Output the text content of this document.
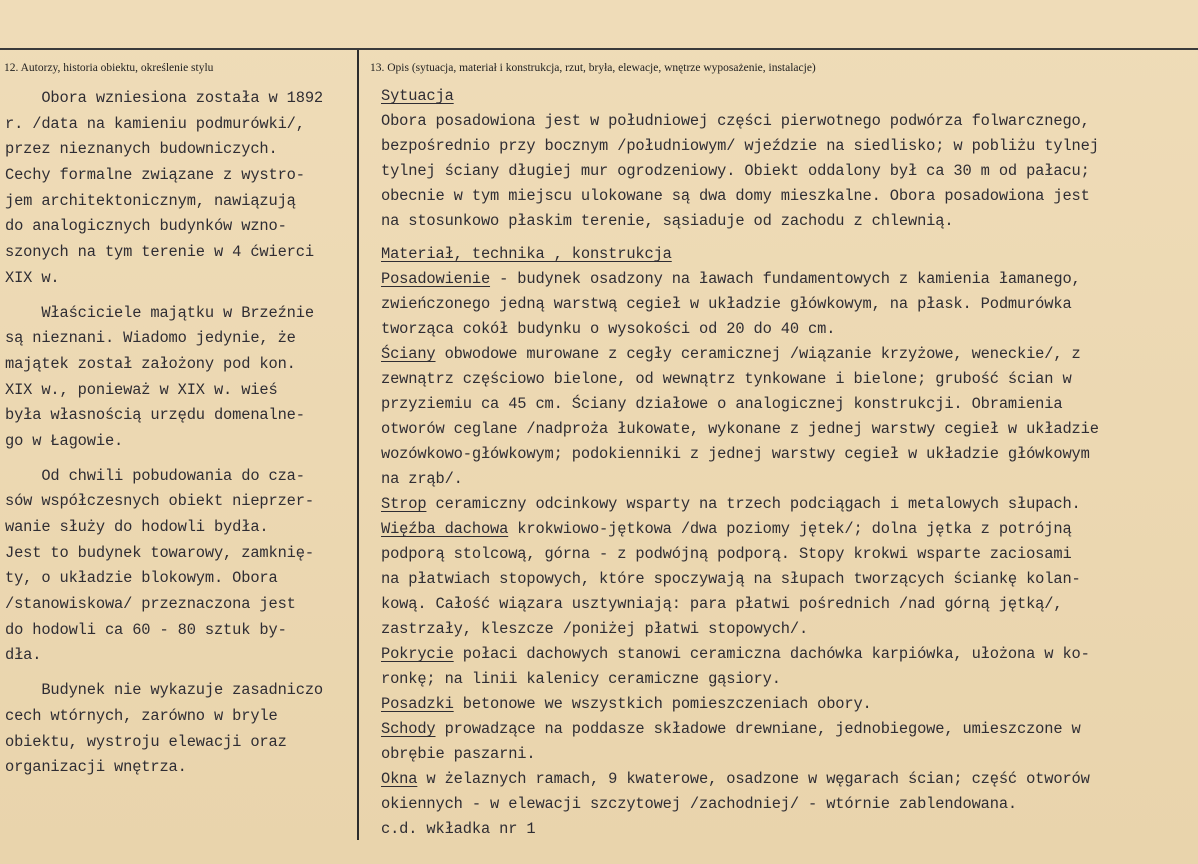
12. Autorzy, historia obiektu, określenie stylu	13. Opis (sytuacja, materiał i konstrukcja, rzut, bryła, elewacje, wnętrze wyposażenie, instalacje)
Obora wzniesiona została w 1892
r. /data na kamieniu podmurówki/,
przez nieznanych budowniczych.
Cechy formalne związane z wystro-
jem architektonicznym, nawiązują
do analogicznych budynków wzno-
szonych na tym terenie w 4 ćwierci
XIX w.
Właściciele majątku w Brzeźnie
są nieznani. Wiadomo jedynie, że
majątek został założony pod kon.
XIX w., ponieważ w XIX w. wieś
była własnością urzędu domenalne-
go w Łagowie.
Od chwili pobudowania do cza-
sów współczesnych obiekt nieprzer-
wanie służy do hodowli bydła.
Jest to budynek towarowy, zamknię-
ty, o układzie blokowym. Obora
/stanowiskowa/ przeznaczona jest
do hodowli ca 60 - 80 sztuk by-
dła.
Budynek nie wykazuje zasadniczo
cech wtórnych, zarówno w bryle
obiektu, wystroju elewacji oraz
organizacji wnętrza.
Sytuacja
Obora posadowiona jest w południowej części pierwotnego podwórza folwarcznego,
bezpośrednio przy bocznym /południowym/ wjeździe na siedlisko; w pobliżu tylnej
tylnej ściany długiej mur ogrodzeniowy. Obiekt oddalony był ca 30 m od pałacu;
obecnie w tym miejscu ulokowane są dwa domy mieszkalne. Obora posadowiona jest
na stosunkowo płaskim terenie, sąsiaduje od zachodu z chlewnią.
Materiał, technika , konstrukcja
Posadowienie - budynek osadzony na ławach fundamentowych z kamienia łamanego,
zwieńczonego jedną warstwą cegieł w układzie główkowym, na płask. Podmurówka
tworząca cokół budynku o wysokości od 20 do 40 cm.
Ściany obwodowe murowane z cegły ceramicznej /wiązanie krzyżowe, weneckie/, z
zewnątrz częściowo bielone, od wewnątrz tynkowane i bielone; grubość ścian w
przyziemiu ca 45 cm. Ściany działowe o analogicznej konstrukcji. Obramienia
otworów ceglane /nadproża łukowate, wykonane z jednej warstwy cegieł w układzie
wozówkowo-główkowym; podokienniki z jednej warstwy cegieł w układzie główkowym
na zrąb/.
Strop ceramiczny odcinkowy wsparty na trzech podciągach i metalowych słupach.
Więźba dachowa krokwiowo-jętkowa /dwa poziomy jętek/; dolna jętka z potrójną
podporą stolcową, górna - z podwójną podporą. Stopy krokwi wsparte zaciosami
na płatwiach stopowych, które spoczywają na słupach tworzących ściankę kolan-
kową. Całość wiązara usztywniają: para płatwi pośrednich /nad górną jętką/,
zastrzały, kleszcze /poniżej płatwi stopowych/.
Pokrycie połaci dachowych stanowi ceramiczna dachówka karpiówka, ułożona w ko-
ronkę; na linii kalenicy ceramiczne gąsiory.
Posadzki betonowe we wszystkich pomieszczeniach obory.
Schody prowadzące na poddasze składowe drewniane, jednobiegowe, umieszczone w
obrębie paszarni.
Okna w żelaznych ramach, 9 kwaterowe, osadzone w węgarach ścian; część otworów
okiennych - w elewacji szczytowej /zachodniej/ - wtórnie zablendowana.
c.d. wkładka nr 1
